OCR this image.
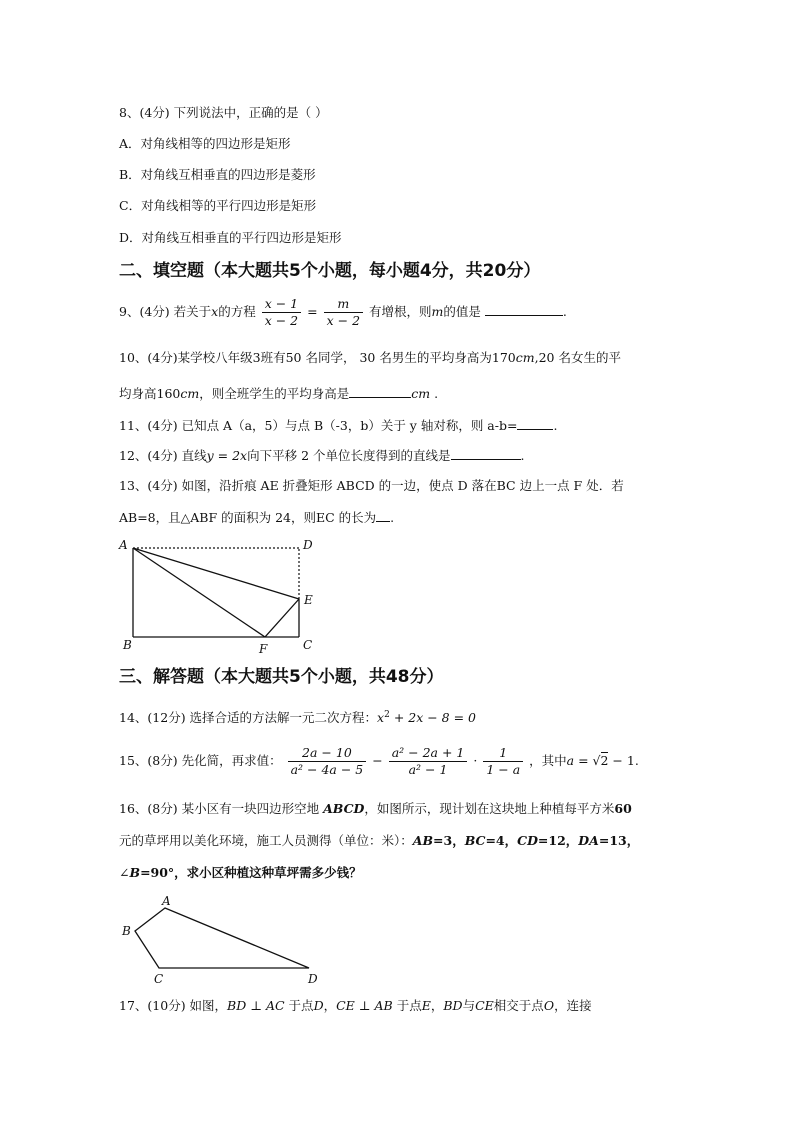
8、(4分) 下列说法中，正确的是（ ）
A．对角线相等的四边形是矩形
B．对角线互相垂直的四边形是菱形
C．对角线相等的平行四边形是矩形
D．对角线互相垂直的平行四边形是矩形
二、填空题（本大题共5个小题，每小题4分，共20分）
9、(4分) 若关于x的方程 $\frac{x - 1}{x - 2} = \frac{m}{x - 2}$ 有增根，则m的值是	.
10、(4分)某学校八年级3班有50 名同学， 30 名男生的平均身高为170cm,20 名女生的平
均身高160cm，则全班学生的平均身高是	cm .
11、(4分) 已知点 A（a，5）与点 B（-3，b）关于 y 轴对称，则 a-b=	.
12、(4分) 直线y = 2x向下平移 2 个单位长度得到的直线是	.
13、(4分) 如图，沿折痕 AE 折叠矩形 ABCD 的一边，使点 D 落在BC 边上一点 F 处．若
AB=8，且△ABF 的面积为 24，则EC 的长为 .
A	D
E
B	F	C
三、解答题（本大题共5个小题，共48分）
14、(12分) 选择合适的方法解一元二次方程：$x^2 + 2x - 8 = 0$
15、(8分) 先化简，再求值： $\frac{2a - 10}{\text{a² − 4a − 5}} - \frac{\text{a² − 2a + 1}}{\text{a² − 1}} \cdot \frac{1}{1 - a}$ ，其中a = √2 − 1.
16、(8分) 某小区有一块四边形空地 ABCD，如图所示，现计划在这块地上种植每平方米60
元的草坪用以美化环境，施工人员测得（单位：米）：AB=3，BC=4，CD=12，DA=13，
∠B=90°，求小区种植这种草坪需多少钱？
A
B
C	D
17、(10分) 如图，BD ⊥ AC 于点D，CE ⊥ AB 于点E，BD与CE相交于点O，连接
